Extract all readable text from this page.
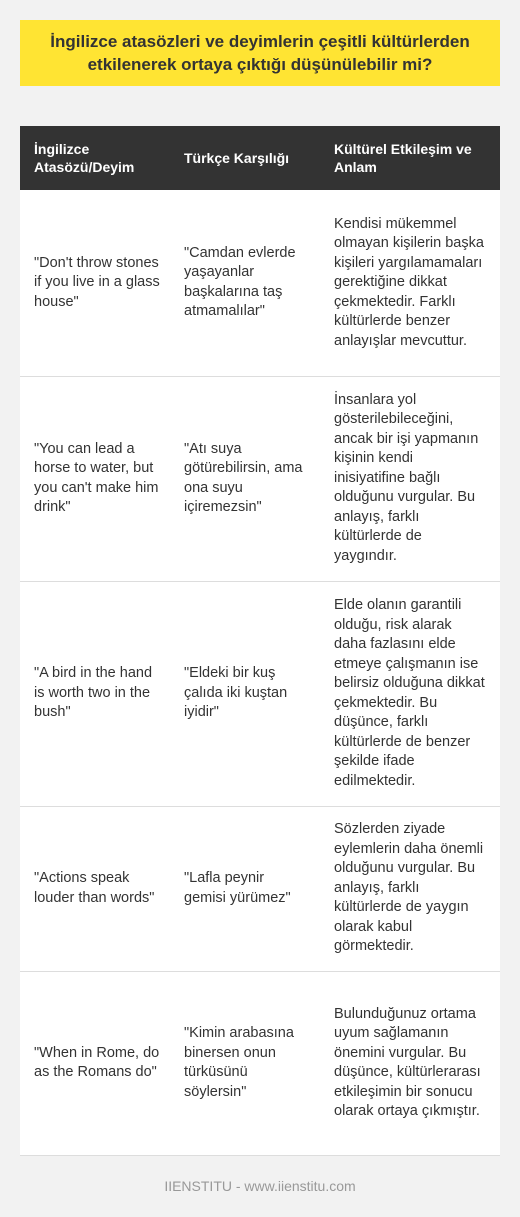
İngilizce atasözleri ve deyimlerin çeşitli kültürlerden etkilenerek ortaya çıktığı düşünülebilir mi?
İngilizce Atasözü/Deyim	Türkçe Karşılığı	Kültürel Etkileşim ve Anlam
"Don't throw stones if you live in a glass house"	"Camdan evlerde yaşayanlar başkalarına taş atmamalılar"	Kendisi mükemmel olmayan kişilerin başka kişileri yargılamamaları gerektiğine dikkat çekmektedir. Farklı kültürlerde benzer anlayışlar mevcuttur.
"You can lead a horse to water, but you can't make him drink"	"Atı suya götürebilirsin, ama ona suyu içiremezsin"	İnsanlara yol gösterilebileceğini, ancak bir işi yapmanın kişinin kendi inisiyatifine bağlı olduğunu vurgular. Bu anlayış, farklı kültürlerde de yaygındır.
"A bird in the hand is worth two in the bush"	"Eldeki bir kuş çalıda iki kuştan iyidir"	Elde olanın garantili olduğu, risk alarak daha fazlasını elde etmeye çalışmanın ise belirsiz olduğuna dikkat çekmektedir. Bu düşünce, farklı kültürlerde de benzer şekilde ifade edilmektedir.
"Actions speak louder than words"	"Lafla peynir gemisi yürümez"	Sözlerden ziyade eylemlerin daha önemli olduğunu vurgular. Bu anlayış, farklı kültürlerde de yaygın olarak kabul görmektedir.
"When in Rome, do as the Romans do"	"Kimin arabasına binersen onun türküsünü söylersin"	Bulunduğunuz ortama uyum sağlamanın önemini vurgular. Bu düşünce, kültürlerarası etkileşimin bir sonucu olarak ortaya çıkmıştır.
IIENSTITU - www.iienstitu.com
